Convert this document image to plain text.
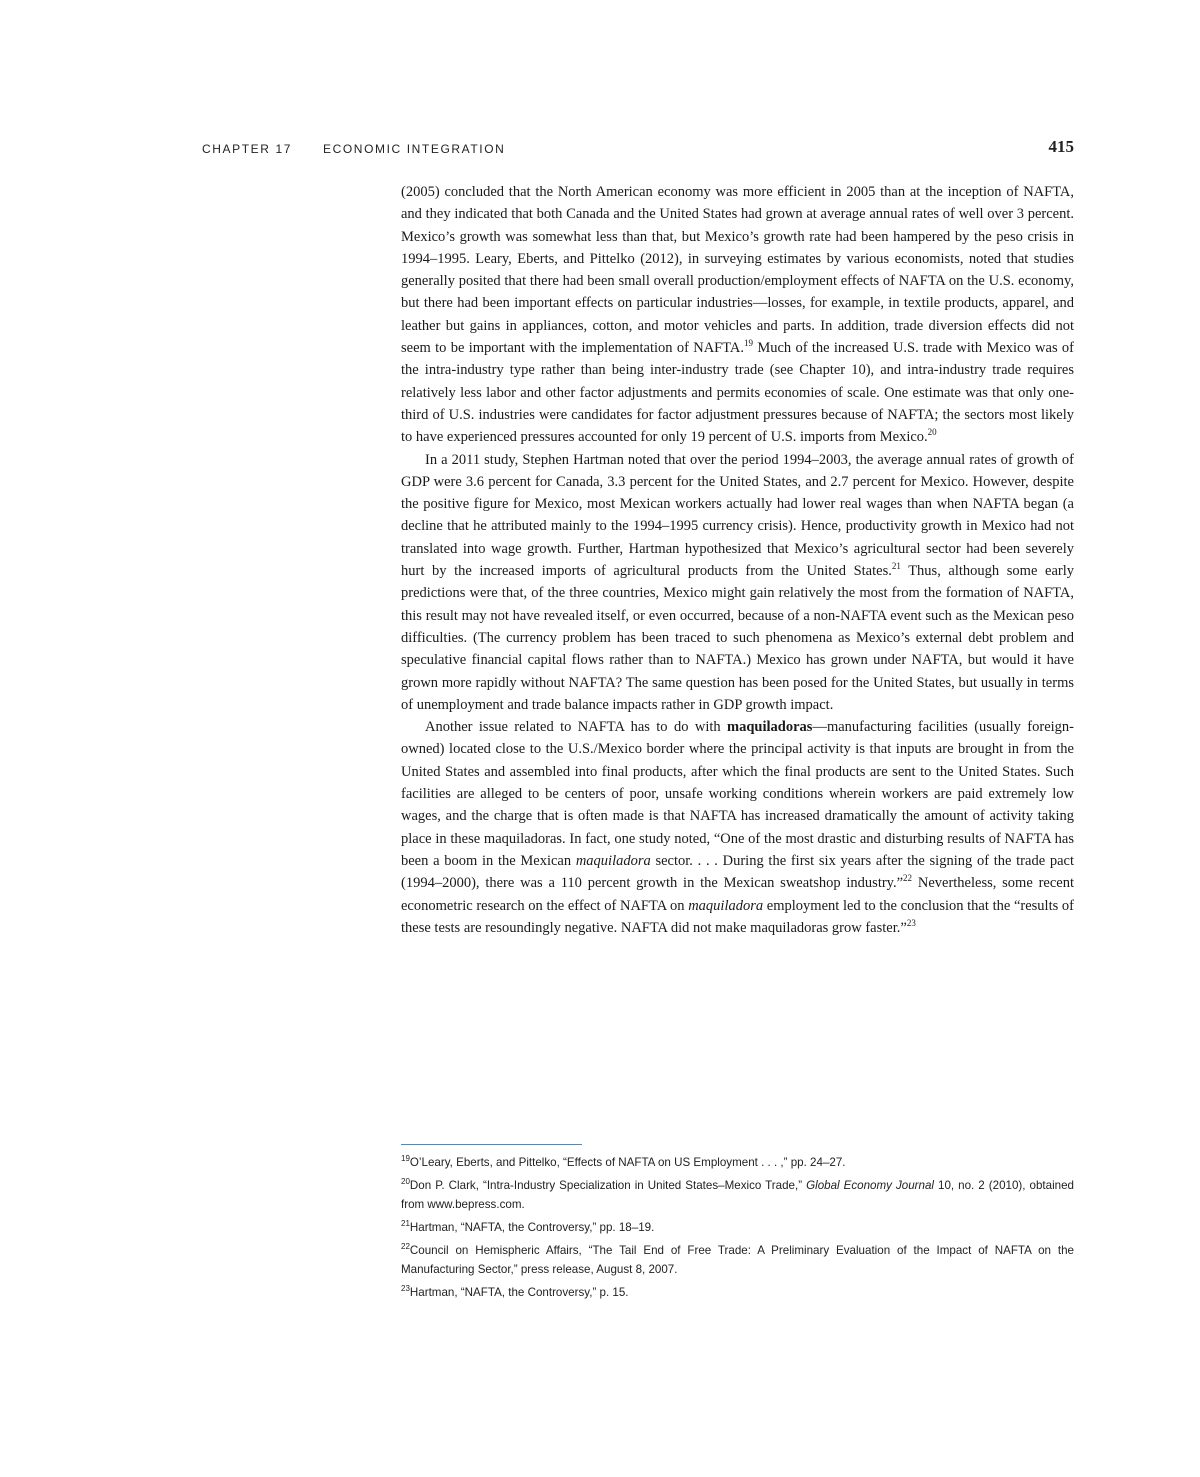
CHAPTER 17	ECONOMIC INTEGRATION	415

(2005) concluded that the North American economy was more efficient in 2005 than at the inception of NAFTA, and they indicated that both Canada and the United States had grown at average annual rates of well over 3 percent. Mexico’s growth was somewhat less than that, but Mexico’s growth rate had been hampered by the peso crisis in 1994–1995. Leary, Eberts, and Pittelko (2012), in surveying estimates by various economists, noted that studies generally posited that there had been small overall production/employment effects of NAFTA on the U.S. economy, but there had been important effects on particular industries—losses, for example, in textile products, apparel, and leather but gains in appliances, cotton, and motor vehicles and parts. In addition, trade diversion effects did not seem to be important with the implementation of NAFTA.$^{19}$ Much of the increased U.S. trade with Mexico was of the intra-industry type rather than being inter-industry trade (see Chapter 10), and intra-industry trade requires relatively less labor and other factor adjustments and permits economies of scale. One estimate was that only one-third of U.S. industries were candidates for factor adjustment pressures because of NAFTA; the sectors most likely to have experienced pressures accounted for only 19 percent of U.S. imports from Mexico.$^{20}$

In a 2011 study, Stephen Hartman noted that over the period 1994–2003, the average annual rates of growth of GDP were 3.6 percent for Canada, 3.3 percent for the United States, and 2.7 percent for Mexico. However, despite the positive figure for Mexico, most Mexican workers actually had lower real wages than when NAFTA began (a decline that he attributed mainly to the 1994–1995 currency crisis). Hence, productivity growth in Mexico had not translated into wage growth. Further, Hartman hypothesized that Mexico’s agricultural sector had been severely hurt by the increased imports of agricultural products from the United States.$^{21}$ Thus, although some early predictions were that, of the three countries, Mexico might gain relatively the most from the formation of NAFTA, this result may not have revealed itself, or even occurred, because of a non-NAFTA event such as the Mexican peso difficulties. (The currency problem has been traced to such phenomena as Mexico’s external debt problem and speculative financial capital flows rather than to NAFTA.) Mexico has grown under NAFTA, but would it have grown more rapidly without NAFTA? The same question has been posed for the United States, but usually in terms of unemployment and trade balance impacts rather in GDP growth impact.

Another issue related to NAFTA has to do with maquiladoras—manufacturing facilities (usually foreign-owned) located close to the U.S./Mexico border where the principal activity is that inputs are brought in from the United States and assembled into final products, after which the final products are sent to the United States. Such facilities are alleged to be centers of poor, unsafe working conditions wherein workers are paid extremely low wages, and the charge that is often made is that NAFTA has increased dramatically the amount of activity taking place in these maquiladoras. In fact, one study noted, “One of the most drastic and disturbing results of NAFTA has been a boom in the Mexican maquiladora sector. . . . During the first six years after the signing of the trade pact (1994–2000), there was a 110 percent growth in the Mexican sweatshop industry.”$^{22}$ Nevertheless, some recent econometric research on the effect of NAFTA on maquiladora employment led to the conclusion that the “results of these tests are resoundingly negative. NAFTA did not make maquiladoras grow faster.”$^{23}$

$^{19}$O’Leary, Eberts, and Pittelko, “Effects of NAFTA on US Employment . . . ,” pp. 24–27.

$^{20}$Don P. Clark, “Intra-Industry Specialization in United States–Mexico Trade,” Global Economy Journal 10, no. 2 (2010), obtained from www.bepress.com.

$^{21}$Hartman, “NAFTA, the Controversy,” pp. 18–19.

$^{22}$Council on Hemispheric Affairs, “The Tail End of Free Trade: A Preliminary Evaluation of the Impact of NAFTA on the Manufacturing Sector,” press release, August 8, 2007.

$^{23}$Hartman, “NAFTA, the Controversy,” p. 15.
